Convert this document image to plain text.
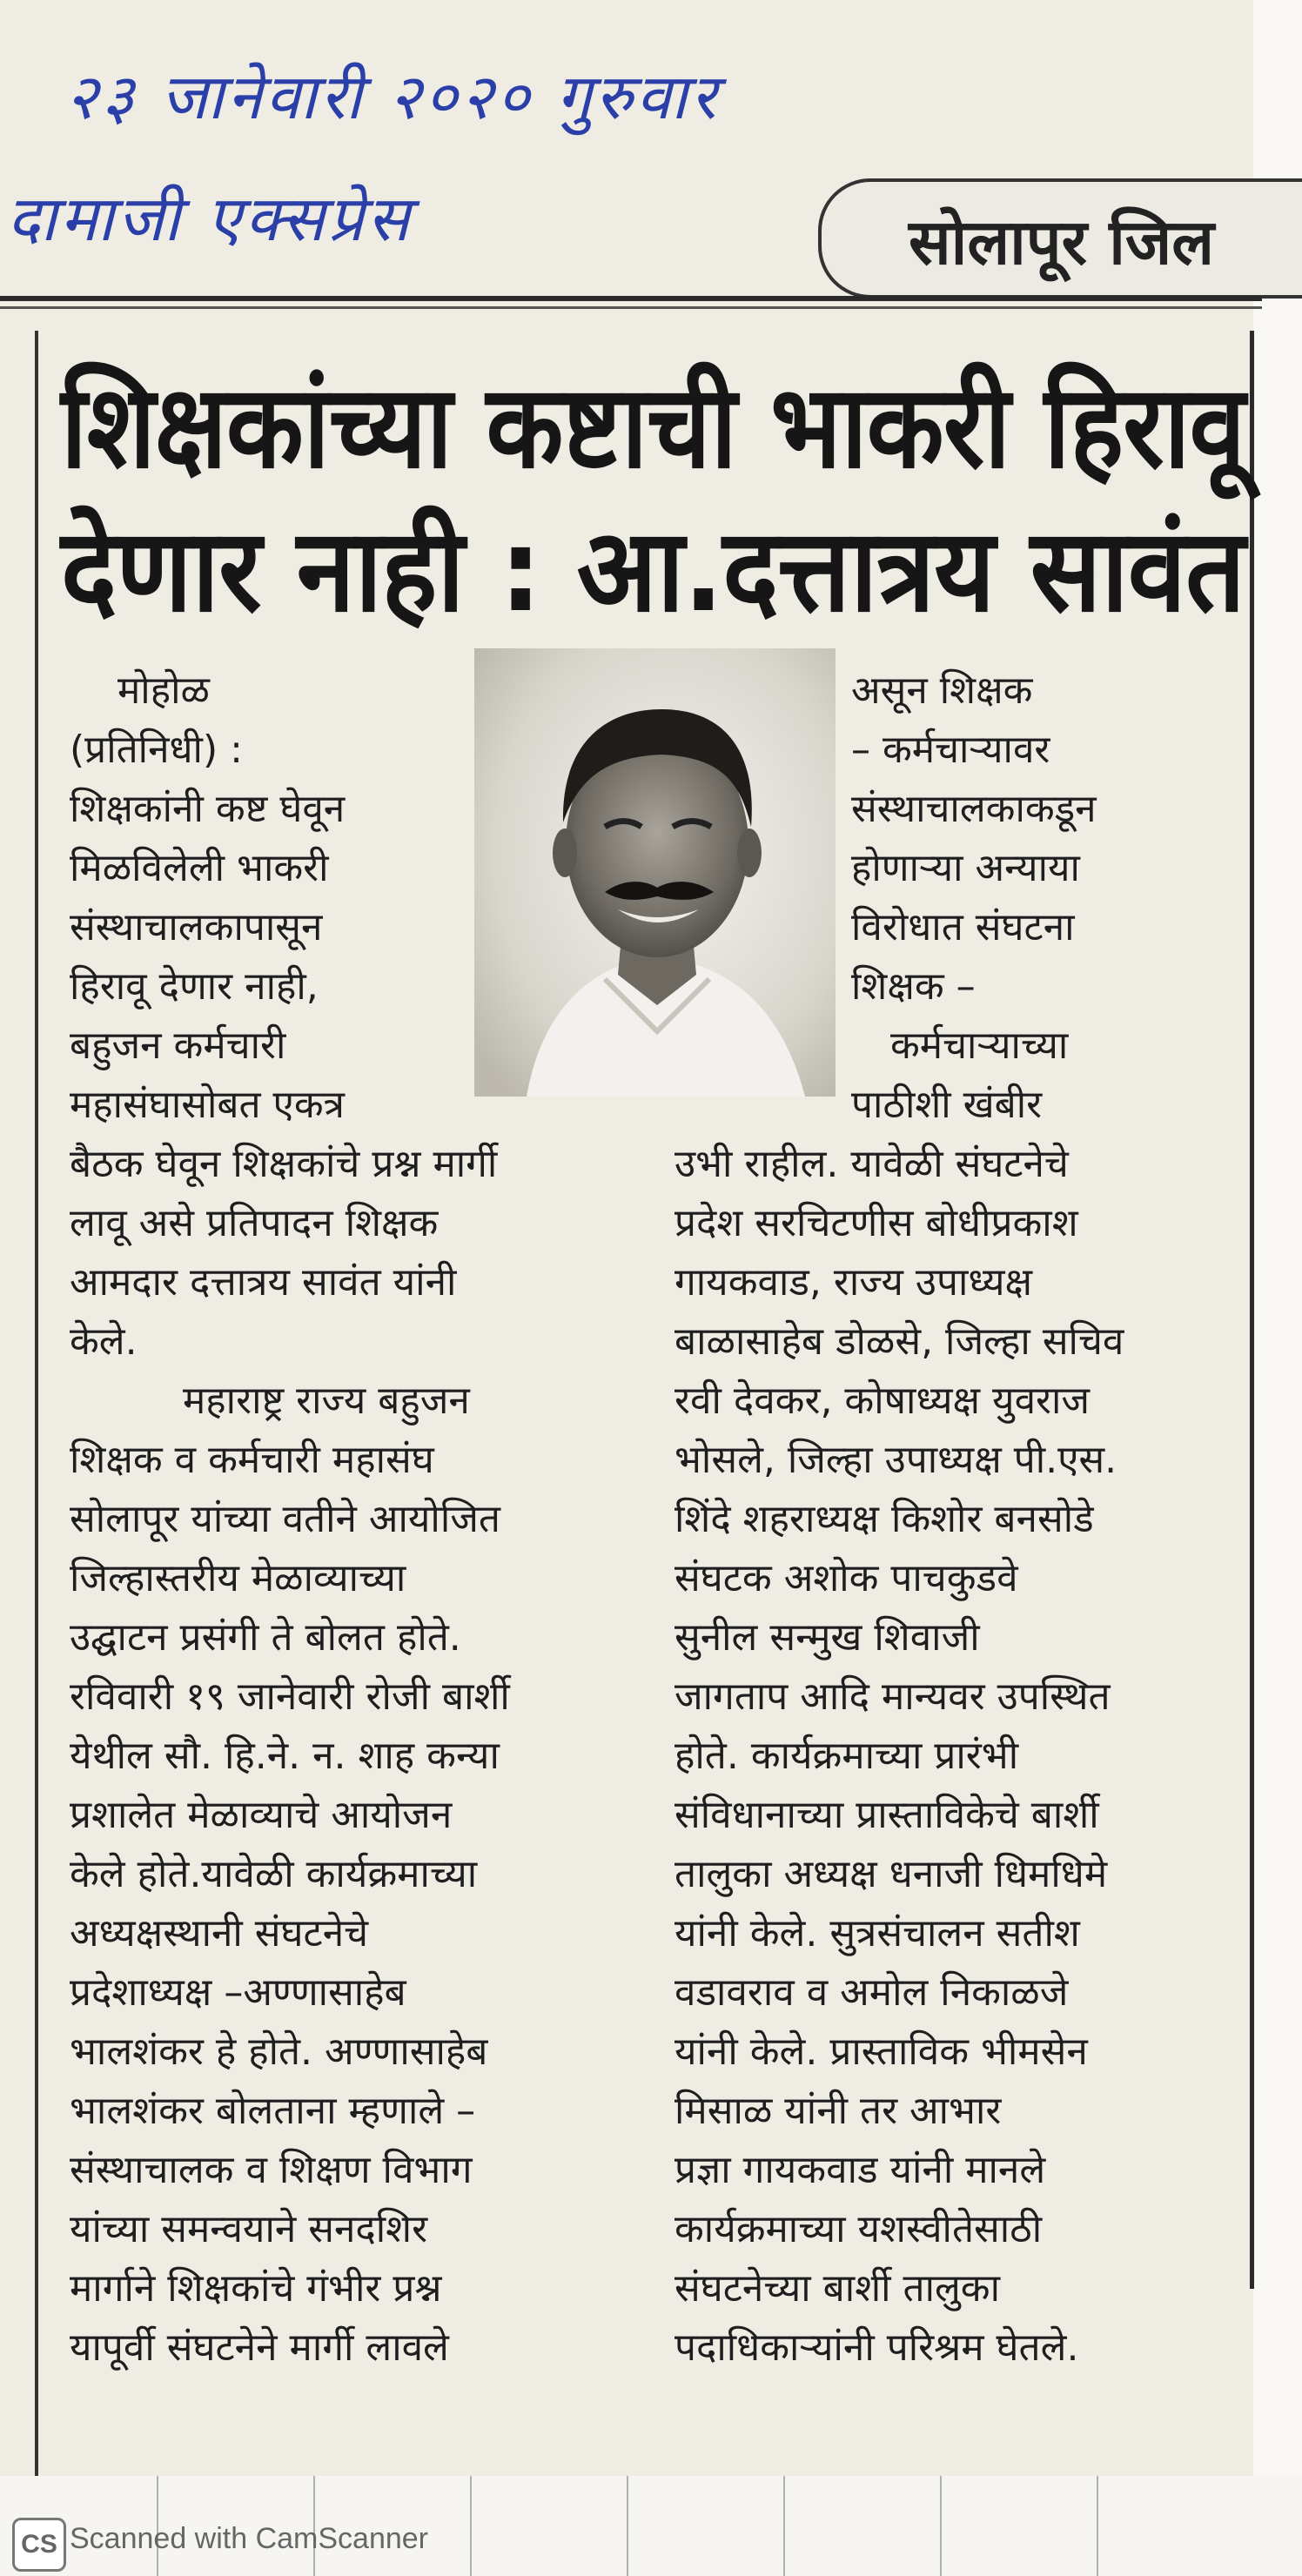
२३ जानेवारी २०२० गुरुवार
दामाजी एक्सप्रेस	सोलापूर जिल
शिक्षकांच्या कष्टाची भाकरी हिरावू
देणार नाही : आ.दत्तात्रय सावंत
मोहोळ
(प्रतिनिधी) :
शिक्षकांनी कष्ट घेवून
मिळविलेली भाकरी
संस्थाचालकापासून
हिरावू देणार नाही,
बहुजन कर्मचारी
महासंघासोबत एकत्र
असून शिक्षक
– कर्मचाऱ्यावर
संस्थाचालकाकडून
होणाऱ्या अन्याया
विरोधात संघटना
शिक्षक –
कर्मचाऱ्याच्या
पाठीशी खंबीर
बैठक घेवून शिक्षकांचे प्रश्न मार्गी
लावू असे प्रतिपादन शिक्षक
आमदार दत्तात्रय सावंत यांनी
केले.
महाराष्ट्र राज्य बहुजन
शिक्षक व कर्मचारी महासंघ
सोलापूर यांच्या वतीने आयोजित
जिल्हास्तरीय मेळाव्याच्या
उद्घाटन प्रसंगी ते बोलत होते.
रविवारी १९ जानेवारी रोजी बार्शी
येथील सौ. हि.ने. न. शाह कन्या
प्रशालेत मेळाव्याचे आयोजन
केले होते.यावेळी कार्यक्रमाच्या
अध्यक्षस्थानी संघटनेचे
प्रदेशाध्यक्ष –अण्णासाहेब
भालशंकर हे होते. अण्णासाहेब
भालशंकर बोलताना म्हणाले –
संस्थाचालक व शिक्षण विभाग
यांच्या समन्वयाने सनदशिर
मार्गाने शिक्षकांचे गंभीर प्रश्न
यापूर्वी संघटनेने मार्गी लावले
उभी राहील. यावेळी संघटनेचे
प्रदेश सरचिटणीस बोधीप्रकाश
गायकवाड, राज्य उपाध्यक्ष
बाळासाहेब डोळसे, जिल्हा सचिव
रवी देवकर, कोषाध्यक्ष युवराज
भोसले, जिल्हा उपाध्यक्ष पी.एस.
शिंदे शहराध्यक्ष किशोर बनसोडे
संघटक अशोक पाचकुडवे
सुनील सन्मुख शिवाजी
जागताप आदि मान्यवर उपस्थित
होते. कार्यक्रमाच्या प्रारंभी
संविधानाच्या प्रास्ताविकेचे बार्शी
तालुका अध्यक्ष धनाजी धिमधिमे
यांनी केले. सुत्रसंचालन सतीश
वडावराव व अमोल निकाळजे
यांनी केले. प्रास्ताविक भीमसेन
मिसाळ यांनी तर आभार
प्रज्ञा गायकवाड यांनी मानले
कार्यक्रमाच्या यशस्वीतेसाठी
संघटनेच्या बार्शी तालुका
पदाधिकाऱ्यांनी परिश्रम घेतले.
CS Scanned with CamScanner
